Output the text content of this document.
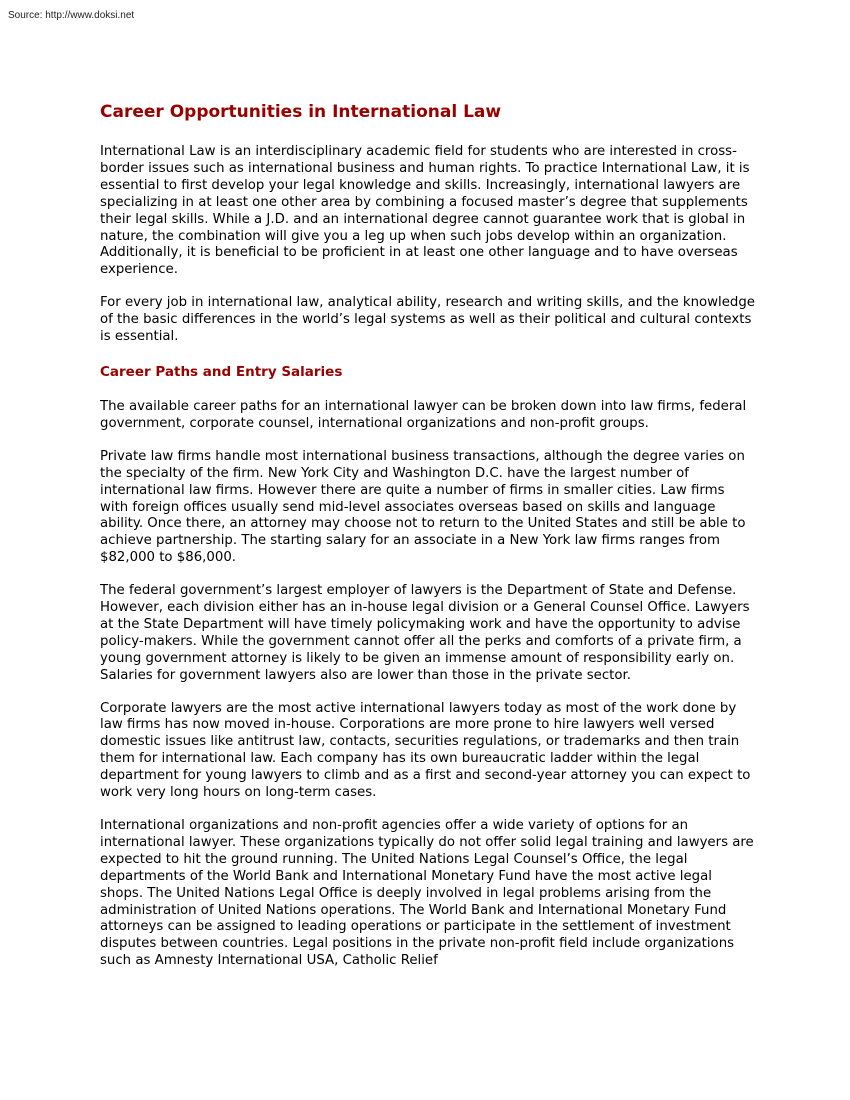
Source: http://www.doksi.net
Career Opportunities in International Law

International Law is an interdisciplinary academic field for students who are interested in cross-border issues such as international business and human rights. To practice International Law, it is essential to first develop your legal knowledge and skills. Increasingly, international lawyers are specializing in at least one other area by combining a focused master’s degree that supplements their legal skills. While a J.D. and an international degree cannot guarantee work that is global in nature, the combination will give you a leg up when such jobs develop within an organization. Additionally, it is beneficial to be proficient in at least one other language and to have overseas experience.

For every job in international law, analytical ability, research and writing skills, and the knowledge of the basic differences in the world’s legal systems as well as their political and cultural contexts is essential.

Career Paths and Entry Salaries

The available career paths for an international lawyer can be broken down into law firms, federal government, corporate counsel, international organizations and non-profit groups.

Private law firms handle most international business transactions, although the degree varies on the specialty of the firm. New York City and Washington D.C. have the largest number of international law firms. However there are quite a number of firms in smaller cities. Law firms with foreign offices usually send mid-level associates overseas based on skills and language ability. Once there, an attorney may choose not to return to the United States and still be able to achieve partnership. The starting salary for an associate in a New York law firms ranges from $82,000 to $86,000.

The federal government’s largest employer of lawyers is the Department of State and Defense. However, each division either has an in-house legal division or a General Counsel Office. Lawyers at the State Department will have timely policymaking work and have the opportunity to advise policy-makers. While the government cannot offer all the perks and comforts of a private firm, a young government attorney is likely to be given an immense amount of responsibility early on. Salaries for government lawyers also are lower than those in the private sector.

Corporate lawyers are the most active international lawyers today as most of the work done by law firms has now moved in-house. Corporations are more prone to hire lawyers well versed domestic issues like antitrust law, contacts, securities regulations, or trademarks and then train them for international law. Each company has its own bureaucratic ladder within the legal department for young lawyers to climb and as a first and second-year attorney you can expect to work very long hours on long-term cases.

International organizations and non-profit agencies offer a wide variety of options for an international lawyer. These organizations typically do not offer solid legal training and lawyers are expected to hit the ground running. The United Nations Legal Counsel’s Office, the legal departments of the World Bank and International Monetary Fund have the most active legal shops. The United Nations Legal Office is deeply involved in legal problems arising from the administration of United Nations operations. The World Bank and International Monetary Fund attorneys can be assigned to leading operations or participate in the settlement of investment disputes between countries. Legal positions in the private non-profit field include organizations such as Amnesty International USA, Catholic Relief
